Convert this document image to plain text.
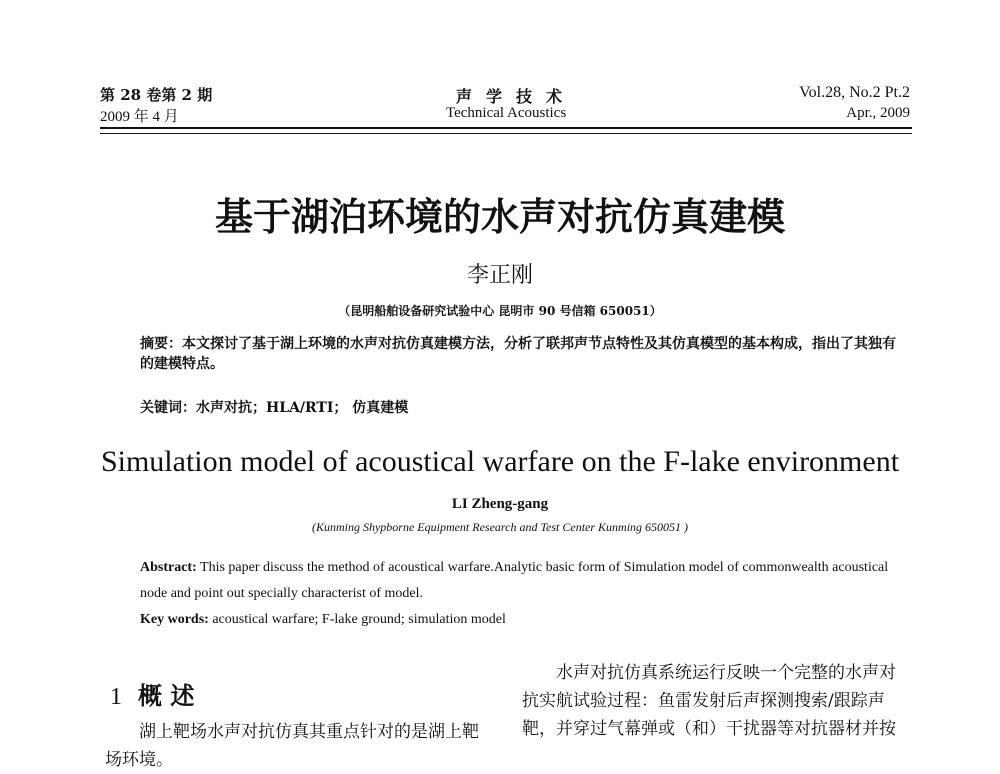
第 28 卷第 2 期
2009 年 4 月
声学技术
Technical Acoustics
Vol.28, No.2 Pt.2
Apr., 2009
基于湖泊环境的水声对抗仿真建模
李正刚
（昆明船舶设备研究试验中心 昆明市 90 号信箱 650051）
摘要：本文探讨了基于湖上环境的水声对抗仿真建模方法，分析了联邦声节点特性及其仿真模型的基本构成，指出了其独有的建模特点。
关键词：水声对抗；HLA/RTI； 仿真建模
Simulation model of acoustical warfare on the F-lake environment
LI Zheng-gang
(Kunming Shypborne Equipment Research and Test Center Kunming 650051 )
Abstract: This paper discuss the method of acoustical warfare.Analytic basic form of Simulation model of commonwealth acoustical node and point out specially characterist of model.
Key words: acoustical warfare; F-lake ground; simulation model
1 概 述
湖上靶场水声对抗仿真其重点针对的是湖上靶场环境。
水声对抗仿真系统运行反映一个完整的水声对抗实航试验过程：鱼雷发射后声探测搜索/跟踪声靶，并穿过气幕弹或（和）干扰器等对抗器材并按
